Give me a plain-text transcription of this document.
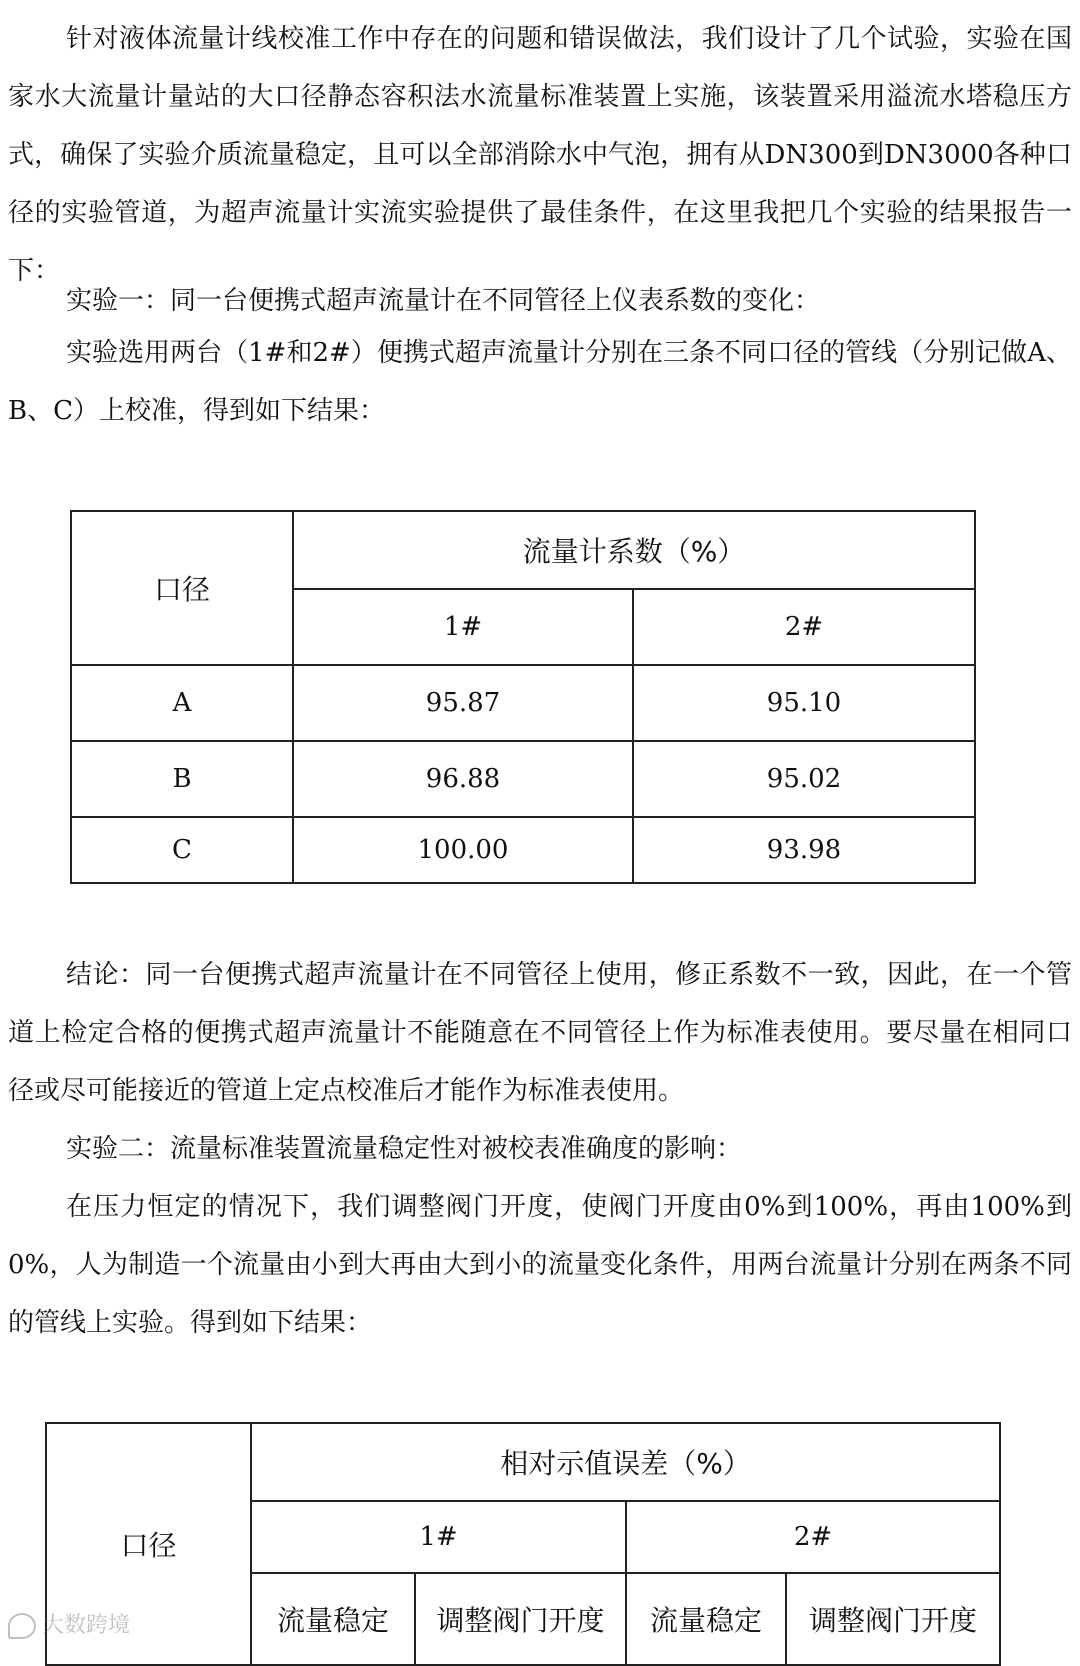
针对液体流量计线校准工作中存在的问题和错误做法，我们设计了几个试验，实验在国家水大流量计量站的大口径静态容积法水流量标准装置上实施，该装置采用溢流水塔稳压方式，确保了实验介质流量稳定，且可以全部消除水中气泡，拥有从DN300到DN3000各种口径的实验管道，为超声流量计实流实验提供了最佳条件，在这里我把几个实验的结果报告一下：

实验一：同一台便携式超声流量计在不同管径上仪表系数的变化：

实验选用两台（1#和2#）便携式超声流量计分别在三条不同口径的管线（分别记做A、B、C）上校准，得到如下结果：

口径	流量计系数（%）	
	1#	2#
A	95.87	95.10
B	96.88	95.02
C	100.00	93.98

结论：同一台便携式超声流量计在不同管径上使用，修正系数不一致，因此，在一个管道上检定合格的便携式超声流量计不能随意在不同管径上作为标准表使用。要尽量在相同口径或尽可能接近的管道上定点校准后才能作为标准表使用。

实验二：流量标准装置流量稳定性对被校表准确度的影响：

在压力恒定的情况下，我们调整阀门开度，使阀门开度由0%到100%，再由100%到0%，人为制造一个流量由小到大再由大到小的流量变化条件，用两台流量计分别在两条不同的管线上实验。得到如下结果：

口径	相对示值误差（%）			
	1#		2#	
	流量稳定	调整阀门开度	流量稳定	调整阀门开度
大数跨境
